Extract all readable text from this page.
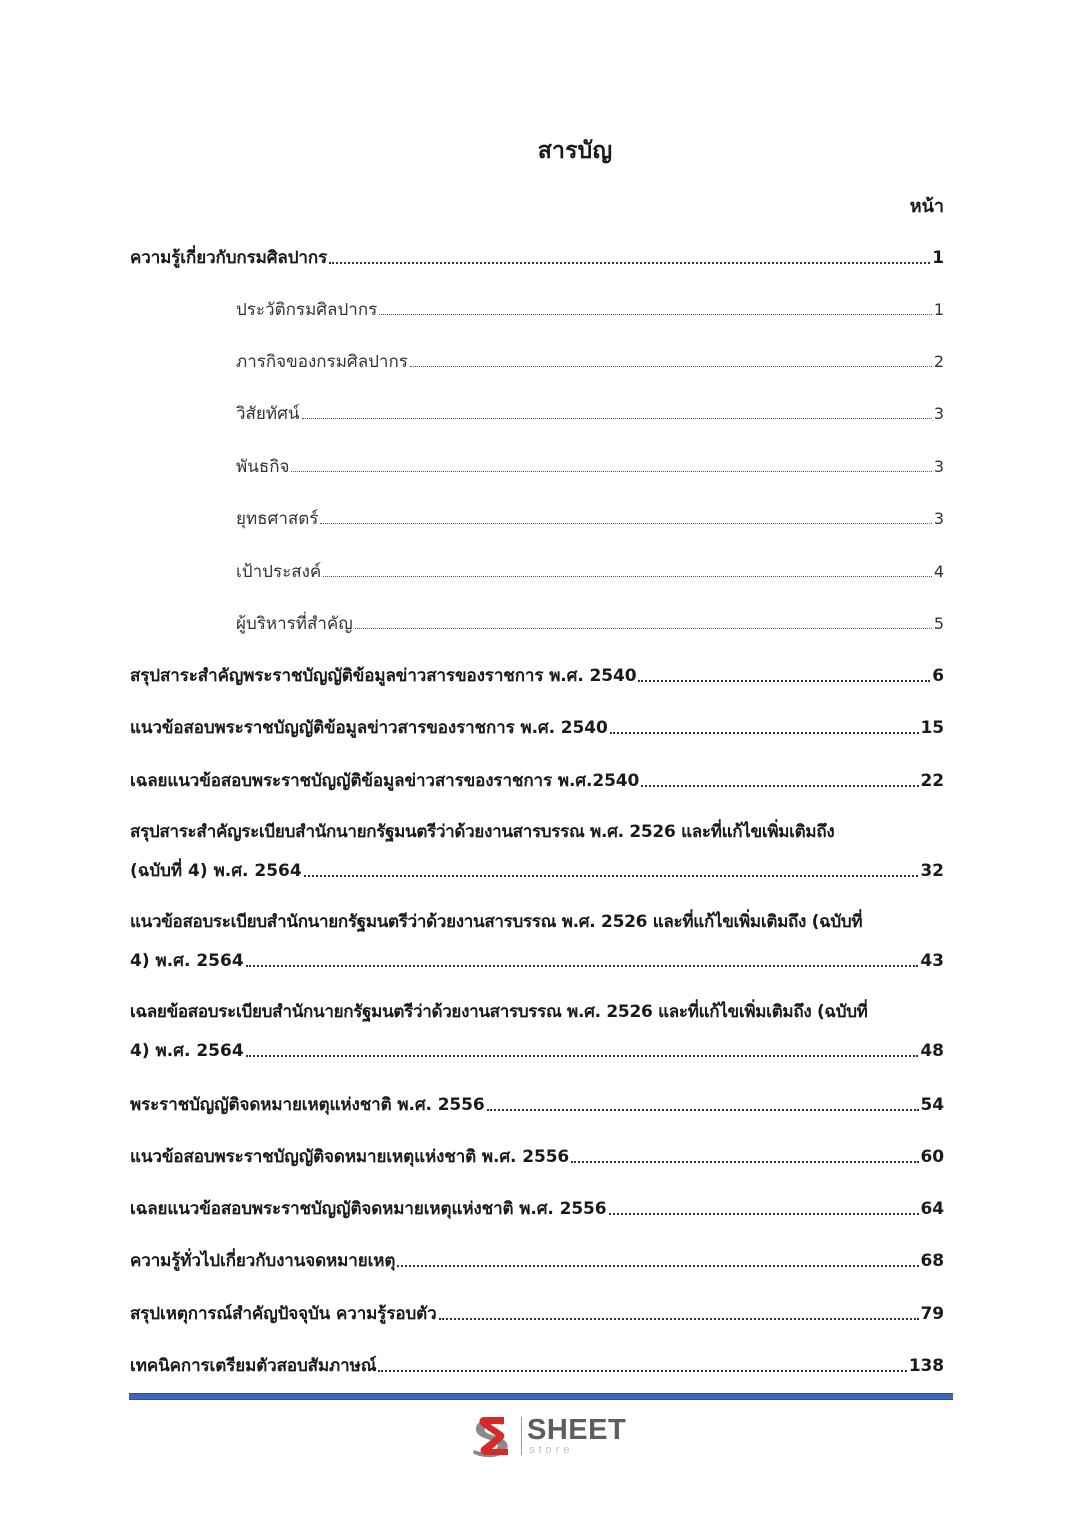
สารบัญ
หน้า
ความรู้เกี่ยวกับกรมศิลปากร	1
ประวัติกรมศิลปากร	1
ภารกิจของกรมศิลปากร	2
วิสัยทัศน์	3
พันธกิจ	3
ยุทธศาสตร์	3
เป้าประสงค์	4
ผู้บริหารที่สำคัญ	5
สรุปสาระสำคัญพระราชบัญญัติข้อมูลข่าวสารของราชการ พ.ศ. 2540	6
แนวข้อสอบพระราชบัญญัติข้อมูลข่าวสารของราชการ พ.ศ. 2540	15
เฉลยแนวข้อสอบพระราชบัญญัติข้อมูลข่าวสารของราชการ พ.ศ.2540	22
สรุปสาระสำคัญระเบียบสำนักนายกรัฐมนตรีว่าด้วยงานสารบรรณ พ.ศ. 2526 และที่แก้ไขเพิ่มเติมถึง
(ฉบับที่ 4) พ.ศ. 2564	32
แนวข้อสอบระเบียบสำนักนายกรัฐมนตรีว่าด้วยงานสารบรรณ พ.ศ. 2526 และที่แก้ไขเพิ่มเติมถึง (ฉบับที่
4) พ.ศ. 2564	43
เฉลยข้อสอบระเบียบสำนักนายกรัฐมนตรีว่าด้วยงานสารบรรณ พ.ศ. 2526 และที่แก้ไขเพิ่มเติมถึง (ฉบับที่
4) พ.ศ. 2564	48
พระราชบัญญัติจดหมายเหตุแห่งชาติ พ.ศ. 2556	54
แนวข้อสอบพระราชบัญญัติจดหมายเหตุแห่งชาติ พ.ศ. 2556	60
เฉลยแนวข้อสอบพระราชบัญญัติจดหมายเหตุแห่งชาติ พ.ศ. 2556	64
ความรู้ทั่วไปเกี่ยวกับงานจดหมายเหตุ	68
สรุปเหตุการณ์สำคัญปัจจุบัน ความรู้รอบตัว	79
เทคนิคการเตรียมตัวสอบสัมภาษณ์	138
SHEET
store
